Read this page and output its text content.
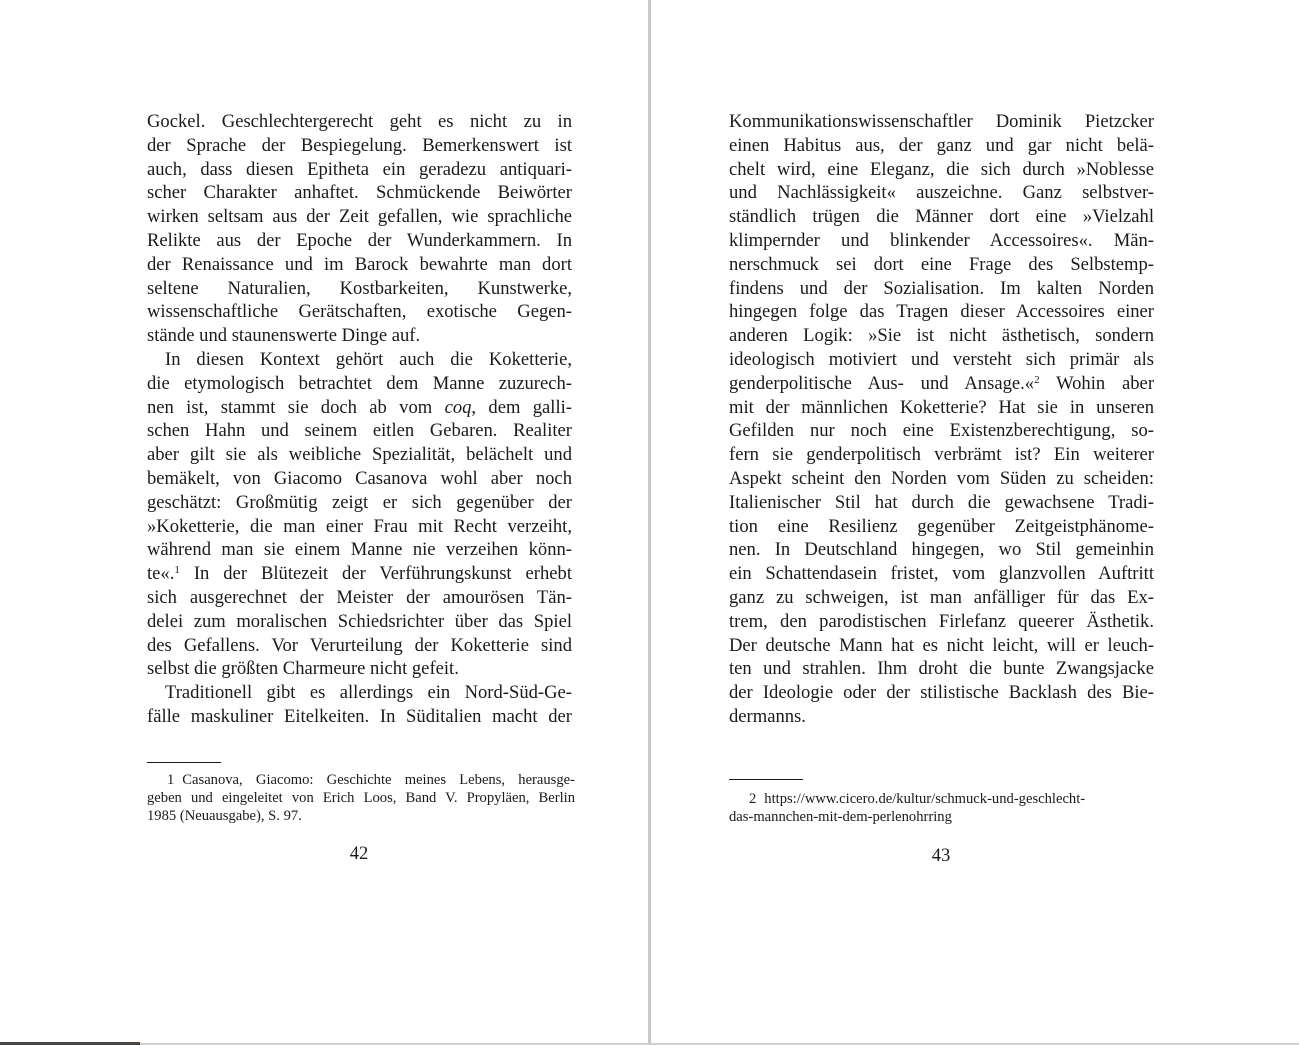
Gockel. Geschlechtergerecht geht es nicht zu in
der Sprache der Bespiegelung. Bemerkenswert ist
auch, dass diesen Epitheta ein geradezu antiquari-
scher Charakter anhaftet. Schmückende Beiwörter
wirken seltsam aus der Zeit gefallen, wie sprachliche
Relikte aus der Epoche der Wunderkammern. In
der Renaissance und im Barock bewahrte man dort
seltene Naturalien, Kostbarkeiten, Kunstwerke,
wissenschaftliche Gerätschaften, exotische Gegen-
stände und staunenswerte Dinge auf.
In diesen Kontext gehört auch die Koketterie,
die etymologisch betrachtet dem Manne zuzurech-
nen ist, stammt sie doch ab vom coq, dem galli-
schen Hahn und seinem eitlen Gebaren. Realiter
aber gilt sie als weibliche Spezialität, belächelt und
bemäkelt, von Giacomo Casanova wohl aber noch
geschätzt: Großmütig zeigt er sich gegenüber der
»Koketterie, die man einer Frau mit Recht verzeiht,
während man sie einem Manne nie verzeihen könn-
te«.$^1$ In der Blütezeit der Verführungskunst erhebt
sich ausgerechnet der Meister der amourösen Tän-
delei zum moralischen Schiedsrichter über das Spiel
des Gefallens. Vor Verurteilung der Koketterie sind
selbst die größten Charmeure nicht gefeit.
Traditionell gibt es allerdings ein Nord-Süd-Ge-
fälle maskuliner Eitelkeiten. In Süditalien macht der
1 Casanova, Giacomo: Geschichte meines Lebens, herausge-
geben und eingeleitet von Erich Loos, Band V. Propyläen, Berlin
1985 (Neuausgabe), S. 97.
42
Kommunikationswissenschaftler Dominik Pietzcker
einen Habitus aus, der ganz und gar nicht belä-
chelt wird, eine Eleganz, die sich durch »Noblesse
und Nachlässigkeit« auszeichne. Ganz selbstver-
ständlich trügen die Männer dort eine »Vielzahl
klimpernder und blinkender Accessoires«. Män-
nerschmuck sei dort eine Frage des Selbstemp-
findens und der Sozialisation. Im kalten Norden
hingegen folge das Tragen dieser Accessoires einer
anderen Logik: »Sie ist nicht ästhetisch, sondern
ideologisch motiviert und versteht sich primär als
genderpolitische Aus- und Ansage.«$^2$ Wohin aber
mit der männlichen Koketterie? Hat sie in unseren
Gefilden nur noch eine Existenzberechtigung, so-
fern sie genderpolitisch verbrämt ist? Ein weiterer
Aspekt scheint den Norden vom Süden zu scheiden:
Italienischer Stil hat durch die gewachsene Tradi-
tion eine Resilienz gegenüber Zeitgeistphänome-
nen. In Deutschland hingegen, wo Stil gemeinhin
ein Schattendasein fristet, vom glanzvollen Auftritt
ganz zu schweigen, ist man anfälliger für das Ex-
trem, den parodistischen Firlefanz queerer Ästhetik.
Der deutsche Mann hat es nicht leicht, will er leuch-
ten und strahlen. Ihm droht die bunte Zwangsjacke
der Ideologie oder der stilistische Backlash des Bie-
dermanns.
2 https://www.cicero.de/kultur/schmuck-und-geschlecht-
das-mannchen-mit-dem-perlenohrring
43
